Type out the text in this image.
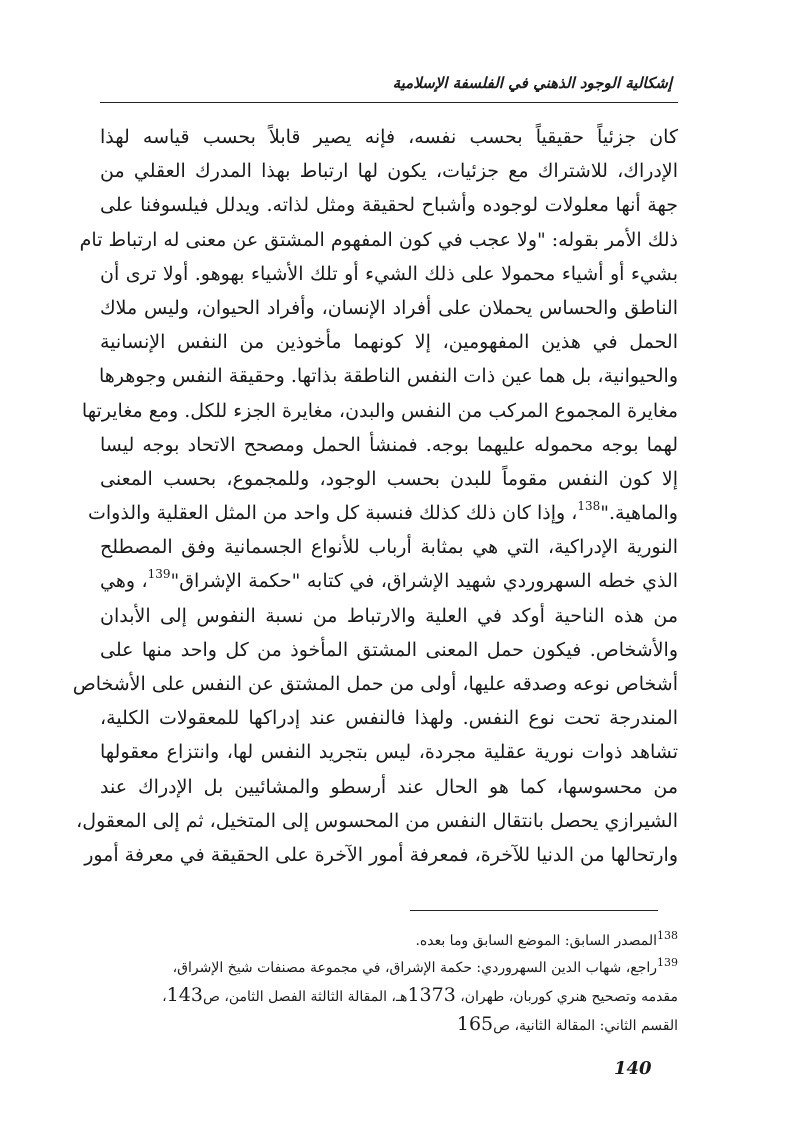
إشكالية الوجود الذهني في الفلسفة الإسلامية
كان جزئياً حقيقياً بحسب نفسه، فإنه يصير قابلاً بحسب قياسه لهذا
الإدراك، للاشتراك مع جزئيات، يكون لها ارتباط بهذا المدرك العقلي من
جهة أنها معلولات لوجوده وأشباح لحقيقة ومثل لذاته. ويدلل فيلسوفنا على
ذلك الأمر بقوله: "ولا عجب في كون المفهوم المشتق عن معنى له ارتباط تام
بشيء أو أشياء محمولا على ذلك الشيء أو تلك الأشياء بهوهو. أولا ترى أن
الناطق والحساس يحملان على أفراد الإنسان، وأفراد الحيوان، وليس ملاك
الحمل في هذين المفهومين، إلا كونهما مأخوذين من النفس الإنسانية
والحيوانية، بل هما عين ذات النفس الناطقة بذاتها. وحقيقة النفس وجوهرها
مغايرة المجموع المركب من النفس والبدن، مغايرة الجزء للكل. ومع مغايرتها
لهما بوجه محموله عليهما بوجه. فمنشأ الحمل ومصحح الاتحاد بوجه ليسا
إلا كون النفس مقوماً للبدن بحسب الوجود، وللمجموع، بحسب المعنى
والماهية."$^{138}$، وإذا كان ذلك كذلك فنسبة كل واحد من المثل العقلية والذوات
النورية الإدراكية، التي هي بمثابة أرباب للأنواع الجسمانية وفق المصطلح
الذي خطه السهروردي شهيد الإشراق، في كتابه "حكمة الإشراق"$^{139}$، وهي
من هذه الناحية أوكد في العلية والارتباط من نسبة النفوس إلى الأبدان
والأشخاص. فيكون حمل المعنى المشتق المأخوذ من كل واحد منها على
أشخاص نوعه وصدقه عليها، أولى من حمل المشتق عن النفس على الأشخاص
المندرجة تحت نوع النفس. ولهذا فالنفس عند إدراكها للمعقولات الكلية،
تشاهد ذوات نورية عقلية مجردة، ليس بتجريد النفس لها، وانتزاع معقولها
من محسوسها، كما هو الحال عند أرسطو والمشائيين بل الإدراك عند
الشيرازي يحصل بانتقال النفس من المحسوس إلى المتخيل، ثم إلى المعقول،
وارتحالها من الدنيا للآخرة، فمعرفة أمور الآخرة على الحقيقة في معرفة أمور
$^{138}$المصدر السابق: الموضع السابق وما بعده.
$^{139}$راجع، شهاب الدين السهروردي: حكمة الإشراق، في مجموعة مصنفات شيخ الإشراق،
مقدمه وتصحيح هنري كوربان، طهران، 1373هـ، المقالة الثالثة الفصل الثامن، ص143،
القسم الثاني: المقالة الثانية، ص165
140
